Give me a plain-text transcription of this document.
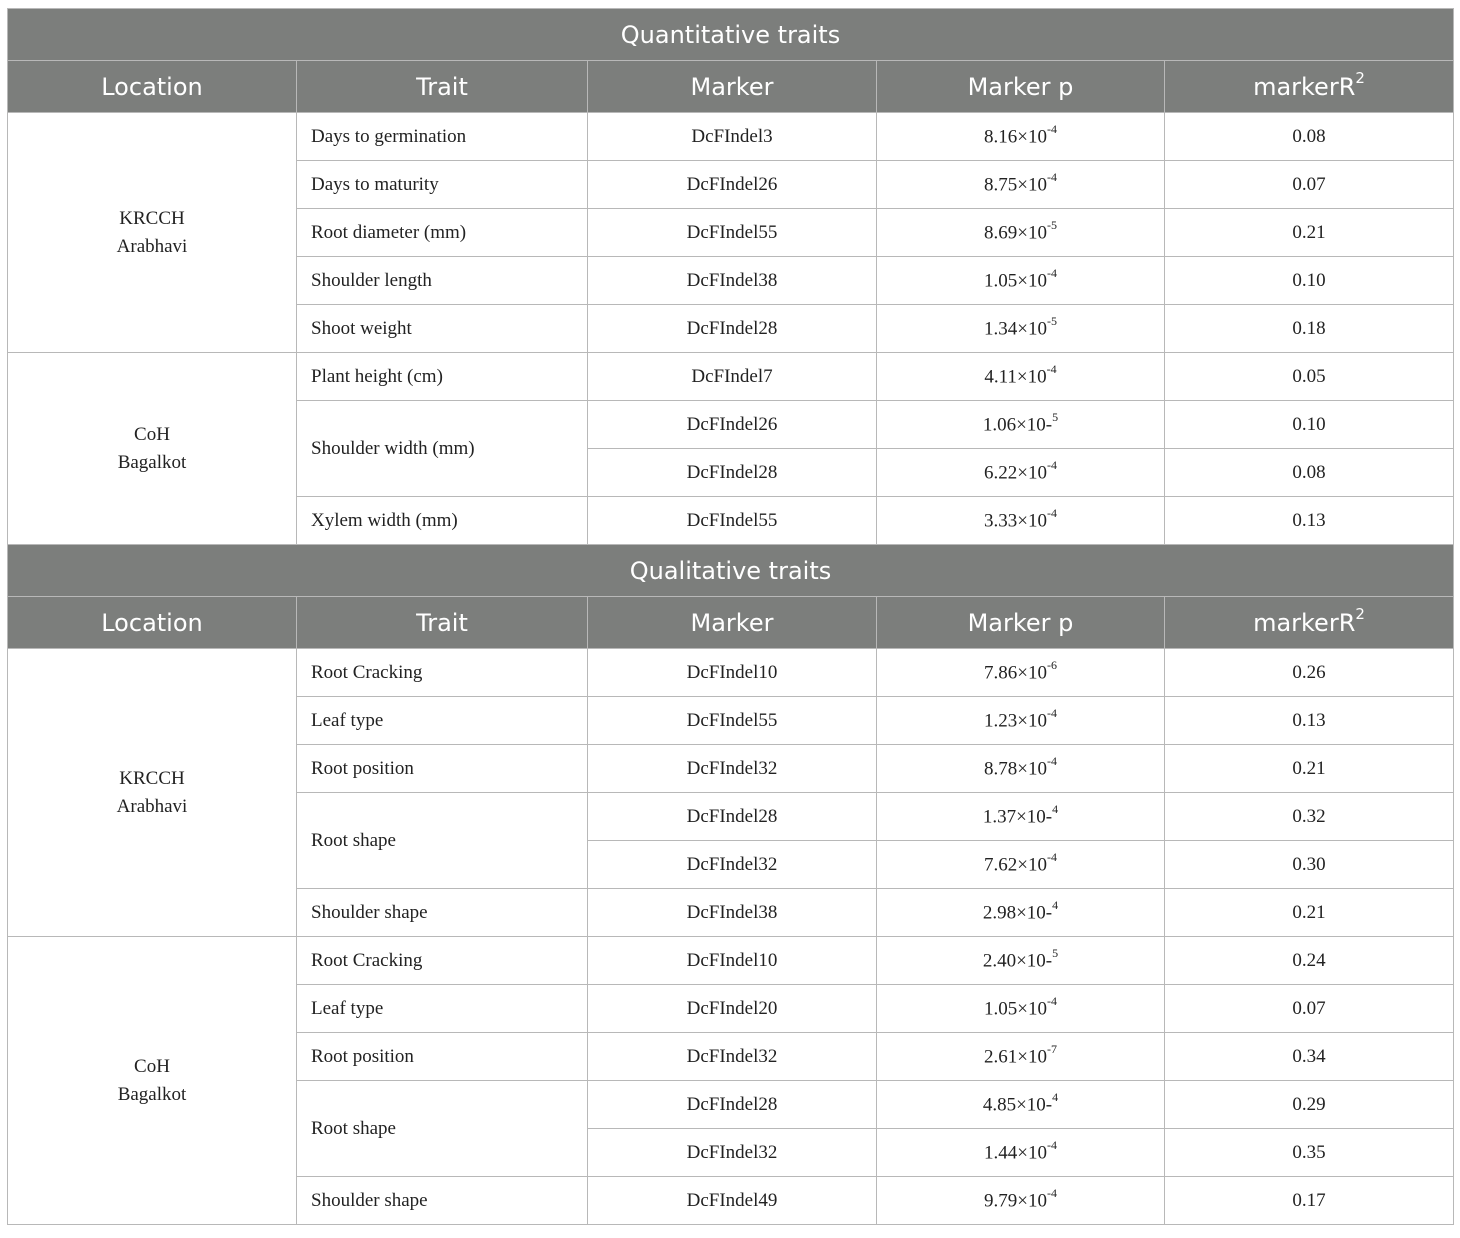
Quantitative traits				
Location	Trait	Marker	Marker p	markerR$^2$
KRCCH
Arabhavi	Days to germination	DcFIndel3	$8.16\times 10^{-4}$	0.08
	Days to maturity	DcFIndel26	$8.75\times 10^{-4}$	0.07
	Root diameter (mm)	DcFIndel55	$8.69\times 10^{-5}$	0.21
	Shoulder length	DcFIndel38	$1.05\times 10^{-4}$	0.10
	Shoot weight	DcFIndel28	$1.34\times 10^{-5}$	0.18
CoH
Bagalkot	Plant height (cm)	DcFIndel7	$4.11\times 10^{-4}$	0.05
	Shoulder width (mm)	DcFIndel26	1.06×10-$^5$	0.10
		DcFIndel28	$6.22\times 10^{-4}$	0.08
	Xylem width (mm)	DcFIndel55	$3.33\times 10^{-4}$	0.13
Qualitative traits				
Location	Trait	Marker	Marker p	markerR$^2$
KRCCH
Arabhavi	Root Cracking	DcFIndel10	$7.86\times 10^{-6}$	0.26
	Leaf type	DcFIndel55	$1.23\times 10^{-4}$	0.13
	Root position	DcFIndel32	$8.78\times 10^{-4}$	0.21
	Root shape	DcFIndel28	1.37×10-$^4$	0.32
		DcFIndel32	$7.62\times 10^{-4}$	0.30
	Shoulder shape	DcFIndel38	2.98×10-$^4$	0.21
CoH
Bagalkot	Root Cracking	DcFIndel10	2.40×10-$^5$	0.24
	Leaf type	DcFIndel20	$1.05\times 10^{-4}$	0.07
	Root position	DcFIndel32	$2.61\times 10^{-7}$	0.34
	Root shape	DcFIndel28	4.85×10-$^4$	0.29
		DcFIndel32	$1.44\times 10^{-4}$	0.35
	Shoulder shape	DcFIndel49	$9.79\times 10^{-4}$	0.17
